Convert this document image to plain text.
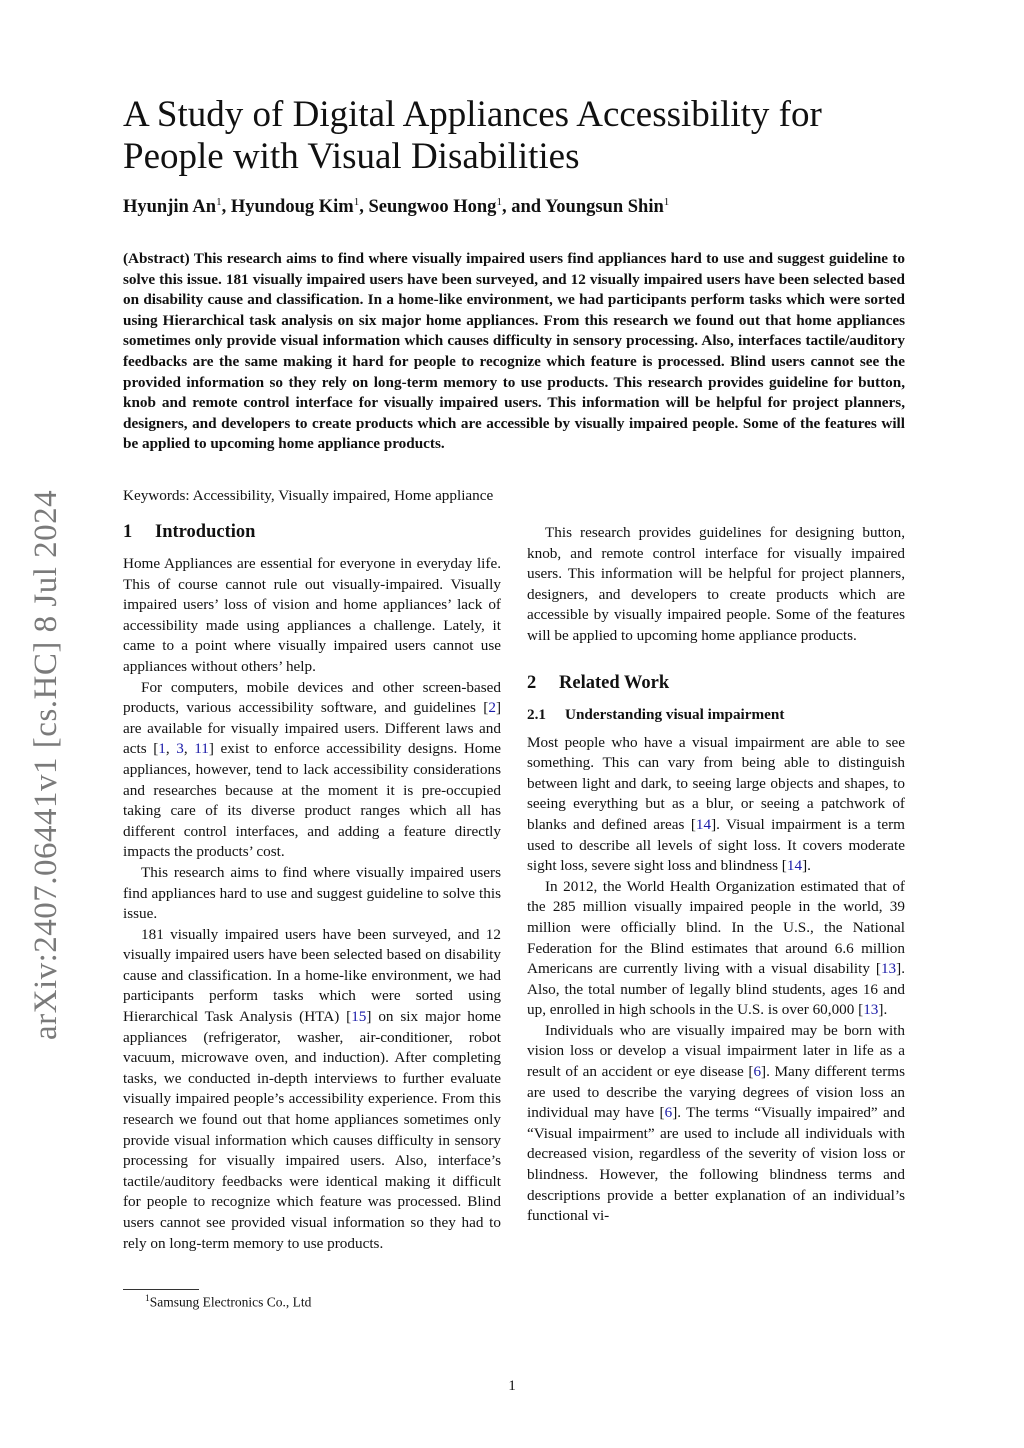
arXiv:2407.06441v1 [cs.HC] 8 Jul 2024
A Study of Digital Appliances Accessibility for People with Visual Disabilities
Hyunjin An$^1$, Hyundoug Kim$^1$, Seungwoo Hong$^1$, and Youngsun Shin$^1$

(Abstract) This research aims to find where visually impaired users find appliances hard to use and suggest guideline to solve this issue. 181 visually impaired users have been surveyed, and 12 visually impaired users have been selected based on disability cause and classification. In a home-like environment, we had participants perform tasks which were sorted using Hierarchical task analysis on six major home appliances. From this research we found out that home appliances sometimes only provide visual information which causes difficulty in sensory processing. Also, interfaces tactile/auditory feedbacks are the same making it hard for people to recognize which feature is processed. Blind users cannot see the provided information so they rely on long-term memory to use products. This research provides guideline for button, knob and remote control interface for visually impaired users. This information will be helpful for project planners, designers, and developers to create products which are accessible by visually impaired people. Some of the features will be applied to upcoming home appliance products.

Keywords: Accessibility, Visually impaired, Home appliance

1 Introduction

Home Appliances are essential for everyone in everyday life. This of course cannot rule out visually-impaired. Visually impaired users’ loss of vision and home appliances’ lack of accessibility made using appliances a challenge. Lately, it came to a point where visually impaired users cannot use appliances without others’ help.

For computers, mobile devices and other screen-based products, various accessibility software, and guidelines [2] are available for visually impaired users. Different laws and acts [1, 3, 11] exist to enforce accessibility designs. Home appliances, however, tend to lack accessibility considerations and researches because at the moment it is pre-occupied taking care of its diverse product ranges which all has different control interfaces, and adding a feature directly impacts the products’ cost.

This research aims to find where visually impaired users find appliances hard to use and suggest guideline to solve this issue.

181 visually impaired users have been surveyed, and 12 visually impaired users have been selected based on disability cause and classification. In a home-like environment, we had participants perform tasks which were sorted using Hierarchical Task Analysis (HTA) [15] on six major home appliances (refrigerator, washer, air-conditioner, robot vacuum, microwave oven, and induction). After completing tasks, we conducted in-depth interviews to further evaluate visually impaired people’s accessibility experience. From this research we found out that home appliances sometimes only provide visual information which causes difficulty in sensory processing for visually impaired users. Also, interface’s tactile/auditory feedbacks were identical making it difficult for people to recognize which feature was processed. Blind users cannot see provided visual information so they had to rely on long-term memory to use products.

This research provides guidelines for designing button, knob, and remote control interface for visually impaired users. This information will be helpful for project planners, designers, and developers to create products which are accessible by visually impaired people. Some of the features will be applied to upcoming home appliance products.

2 Related Work
2.1 Understanding visual impairment

Most people who have a visual impairment are able to see something. This can vary from being able to distinguish between light and dark, to seeing large objects and shapes, to seeing everything but as a blur, or seeing a patchwork of blanks and defined areas [14]. Visual impairment is a term used to describe all levels of sight loss. It covers moderate sight loss, severe sight loss and blindness [14].

In 2012, the World Health Organization estimated that of the 285 million visually impaired people in the world, 39 million were officially blind. In the U.S., the National Federation for the Blind estimates that around 6.6 million Americans are currently living with a visual disability [13]. Also, the total number of legally blind students, ages 16 and up, enrolled in high schools in the U.S. is over 60,000 [13].

Individuals who are visually impaired may be born with vision loss or develop a visual impairment later in life as a result of an accident or eye disease [6]. Many different terms are used to describe the varying degrees of vision loss an individual may have [6]. The terms “Visually impaired” and “Visual impairment” are used to include all individuals with decreased vision, regardless of the severity of vision loss or blindness. However, the following blindness terms and descriptions provide a better explanation of an individual’s functional vi-

$^1$Samsung Electronics Co., Ltd
1
